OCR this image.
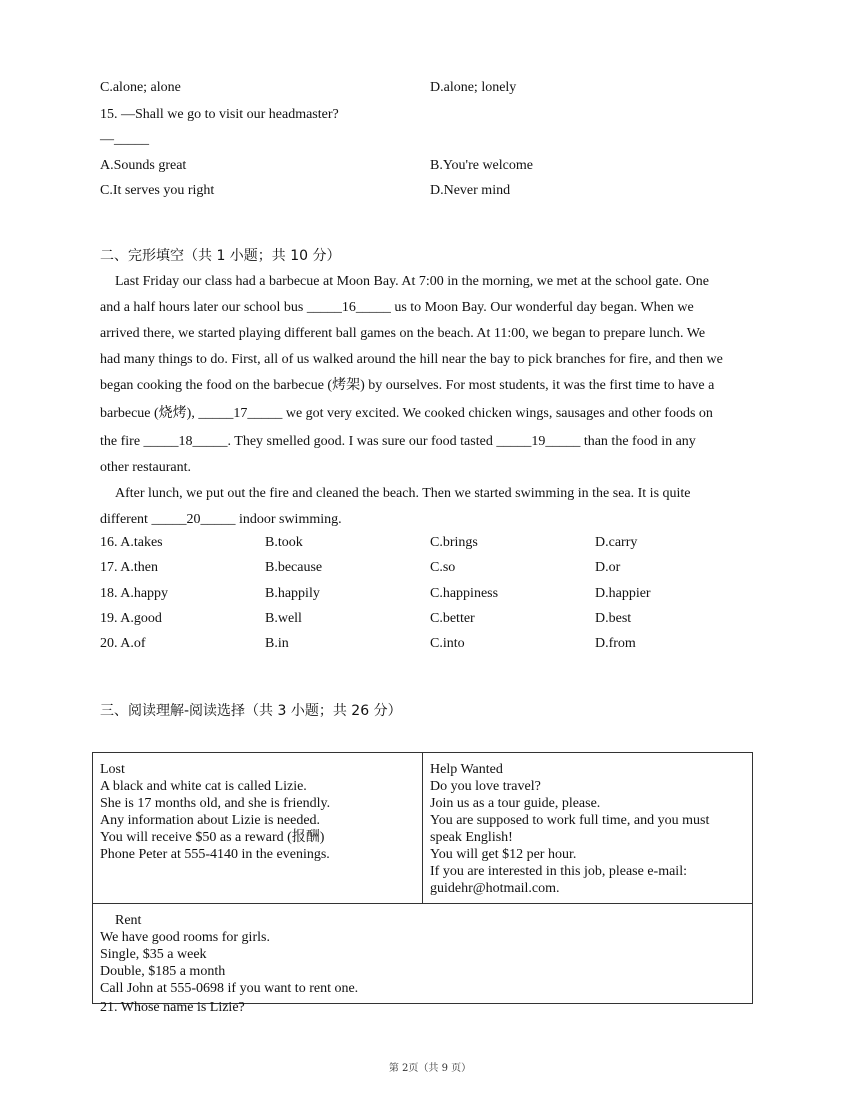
C.alone; alone	D.alone; lonely
15. —Shall we go to visit our headmaster?
—_____
A.Sounds great	B.You're welcome
C.It serves you right	D.Never mind
二、完形填空（共 1 小题；共 10 分）
Last Friday our class had a barbecue at Moon Bay. At 7:00 in the morning, we met at the school gate. One
and a half hours later our school bus _____16_____ us to Moon Bay. Our wonderful day began. When we
arrived there, we started playing different ball games on the beach. At 11:00, we began to prepare lunch. We
had many things to do. First, all of us walked around the hill near the bay to pick branches for fire, and then we
began cooking the food on the barbecue (烤架) by ourselves. For most students, it was the first time to have a
barbecue (烧烤), _____17_____ we got very excited. We cooked chicken wings, sausages and other foods on
the fire _____18_____. They smelled good. I was sure our food tasted _____19_____ than the food in any
other restaurant.
After lunch, we put out the fire and cleaned the beach. Then we started swimming in the sea. It is quite
different _____20_____ indoor swimming.
16. A.takes	B.took	C.brings	D.carry
17. A.then	B.because	C.so	D.or
18. A.happy	B.happily	C.happiness	D.happier
19. A.good	B.well	C.better	D.best
20. A.of	B.in	C.into	D.from
三、阅读理解-阅读选择（共 3 小题；共 26 分）
Lost
A black and white cat is called Lizie.
She is 17 months old, and she is friendly.
Any information about Lizie is needed.
You will receive $50 as a reward (报酬)
Phone Peter at 555-4140 in the evenings.

Help Wanted
Do you love travel?
Join us as a tour guide, please.
You are supposed to work full time, and you must
speak English!
You will get $12 per hour.
If you are interested in this job, please e-mail:
guidehr@hotmail.com.

Rent
We have good rooms for girls.
Single, $35 a week
Double, $185 a month
Call John at 555-0698 if you want to rent one.
21. Whose name is Lizie?
第 2页（共 9 页）
